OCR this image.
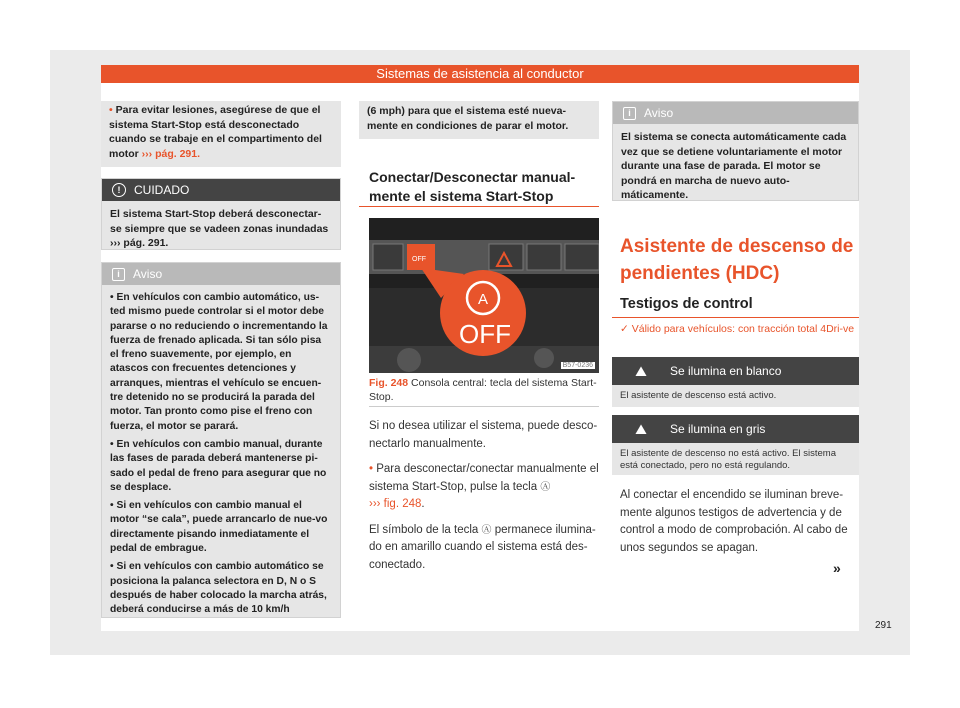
Sistemas de asistencia al conductor
• Para evitar lesiones, asegúrese de que el sistema Start-Stop está desconectado cuando se trabaje en el compartimento del motor ››› pág. 291.
!	CUIDADO
El sistema Start-Stop deberá desconectar-se siempre que se vadeen zonas inundadas ››› pág. 291.
i	Aviso

• En vehículos con cambio automático, us-ted mismo puede controlar si el motor debe pararse o no reduciendo o incrementando la fuerza de frenado aplicada. Si tan sólo pisa el freno suavemente, por ejemplo, en atascos con frecuentes detenciones y arranques, mientras el vehículo se encuen-tre detenido no se producirá la parada del motor. Tan pronto como pise el freno con fuerza, el motor se parará.

• En vehículos con cambio manual, durante las fases de parada deberá mantenerse pi-sado el pedal de freno para asegurar que no se desplace.

• Si en vehículos con cambio manual el motor “se cala”, puede arrancarlo de nue-vo directamente pisando inmediatamente el pedal de embrague.

• Si en vehículos con cambio automático se posiciona la palanca selectora en D, N o S después de haber colocado la marcha atrás, deberá conducirse a más de 10 km/h

(6 mph) para que el sistema esté nueva-mente en condiciones de parar el motor.
Conectar/Desconectar manual-mente el sistema Start-Stop
A
OFF
OFF
B57-0236
Fig. 248 Consola central: tecla del sistema Start-Stop.

Si no desea utilizar el sistema, puede desco-nectarlo manualmente.

• Para desconectar/conectar manualmente el sistema Start-Stop, pulse la tecla Ⓐ
››› fig. 248.

El símbolo de la tecla Ⓐ permanece ilumina-do en amarillo cuando el sistema está des-conectado.

i	Aviso
El sistema se conecta automáticamente cada vez que se detiene voluntariamente el motor durante una fase de parada. El motor se pondrá en marcha de nuevo auto-máticamente.
Asistente de descenso de pendientes (HDC)
Testigos de control
✓ Válido para vehículos: con tracción total 4Dri-ve
⛰	Se ilumina en blanco
El asistente de descenso está activo.
⛰	Se ilumina en gris
El asistente de descenso no está activo. El sistema está conectado, pero no está regulando.

Al conectar el encendido se iluminan breve-mente algunos testigos de advertencia y de control a modo de comprobación. Al cabo de unos segundos se apagan.

»
291
